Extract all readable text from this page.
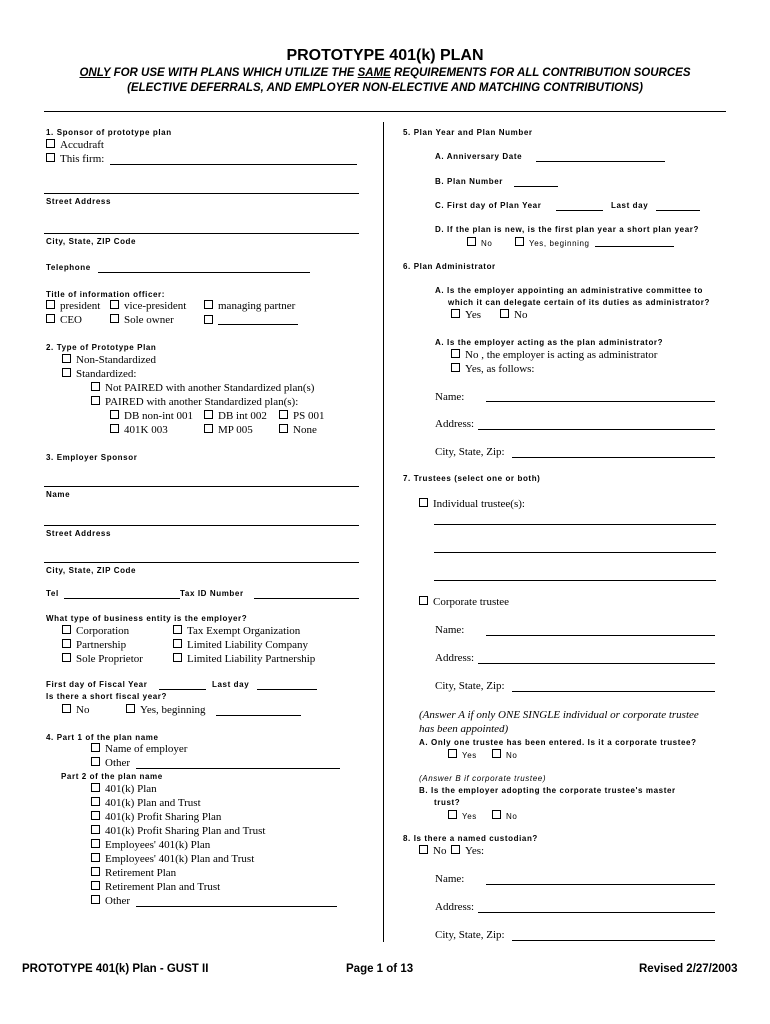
PROTOTYPE 401(k) PLAN
ONLY FOR USE WITH PLANS WHICH UTILIZE THE SAME REQUIREMENTS FOR ALL CONTRIBUTION SOURCES
(ELECTIVE DEFERRALS, AND EMPLOYER NON-ELECTIVE AND MATCHING CONTRIBUTIONS)
1. Sponsor of prototype plan
Accudraft
This firm:
Street Address
City, State, ZIP Code
Telephone
Title of information officer:
president	vice-president	managing partner
CEO	Sole owner
2. Type of Prototype Plan
Non-Standardized
Standardized:
Not PAIRED with another Standardized plan(s)
PAIRED with another Standardized plan(s):
DB non-int 001	DB int 002	PS 001
401K 003	MP 005	None
3. Employer Sponsor
Name
Street Address
City, State, ZIP Code
Tel	Tax ID Number
What type of business entity is the employer?
Corporation	Tax Exempt Organization
Partnership	Limited Liability Company
Sole Proprietor	Limited Liability Partnership
First day of Fiscal Year	Last day
Is there a short fiscal year?
No	Yes, beginning
4. Part 1 of the plan name
Name of employer
Other
Part 2 of the plan name
401(k) Plan
401(k) Plan and Trust
401(k) Profit Sharing Plan
401(k) Profit Sharing Plan and Trust
Employees' 401(k) Plan
Employees' 401(k) Plan and Trust
Retirement Plan
Retirement Plan and Trust
Other
5. Plan Year and Plan Number
A. Anniversary Date
B. Plan Number
C. First day of Plan Year	Last day
D. If the plan is new, is the first plan year a short plan year?
No	Yes, beginning
6. Plan Administrator
A. Is the employer appointing an administrative committee to
which it can delegate certain of its duties as administrator?
Yes	No
A. Is the employer acting as the plan administrator?
No , the employer is acting as administrator
Yes, as follows:
Name:
Address:
City, State, Zip:
7. Trustees (select one or both)
Individual trustee(s):
Corporate trustee
Name:
Address:
City, State, Zip:
(Answer A if only ONE SINGLE individual or corporate trustee
has been appointed)
A. Only one trustee has been entered. Is it a corporate trustee?
Yes	No
(Answer B if corporate trustee)
B. Is the employer adopting the corporate trustee's master
trust?
Yes	No
8. Is there a named custodian?
No	Yes:
Name:
Address:
City, State, Zip:
PROTOTYPE 401(k) Plan - GUST II	Page 1 of 13	Revised 2/27/2003
